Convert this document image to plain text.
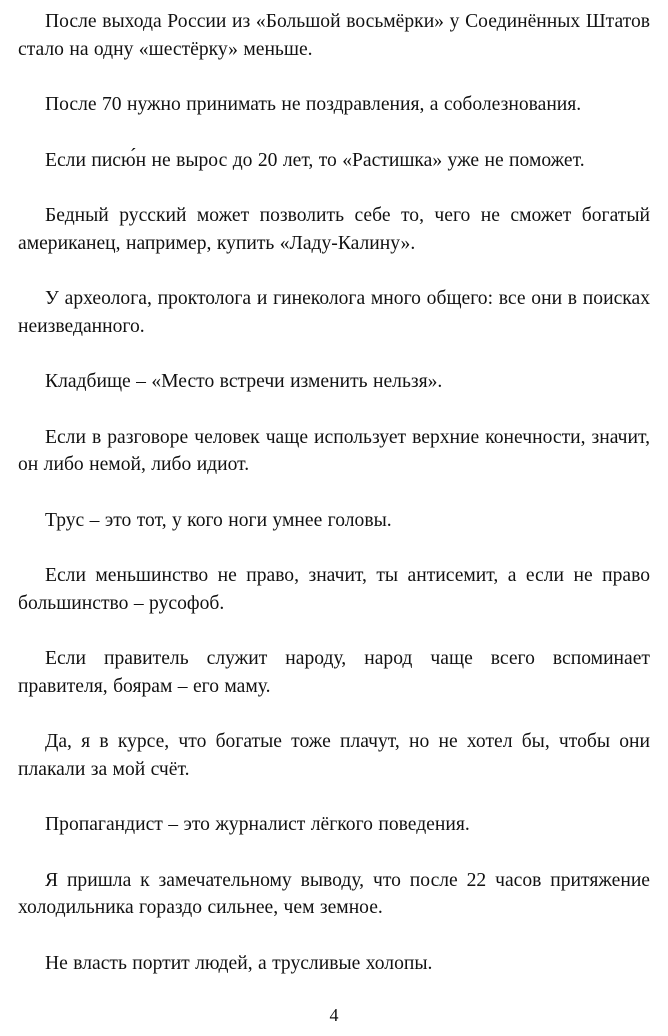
После выхода России из «Большой восьмёрки» у Соединённых Штатов стало на одну «шестёрку» меньше.

После 70 нужно принимать не поздравления, а соболезнования.

Если писю́н не вырос до 20 лет, то «Растишка» уже не поможет.

Бедный русский может позволить себе то, чего не сможет богатый американец, например, купить «Ладу-Калину».

У археолога, проктолога и гинеколога много общего: все они в поисках неизведанного.

Кладбище – «Место встречи изменить нельзя».

Если в разговоре человек чаще использует верхние конечности, значит, он либо немой, либо идиот.

Трус – это тот, у кого ноги умнее головы.

Если меньшинство не право, значит, ты антисемит, а если не право большинство – русофоб.

Если правитель служит народу, народ чаще всего вспоминает правителя, боярам – его маму.

Да, я в курсе, что богатые тоже плачут, но не хотел бы, чтобы они плакали за мой счёт.

Пропагандист – это журналист лёгкого поведения.

Я пришла к замечательному выводу, что после 22 часов притяжение холодильника гораздо сильнее, чем земное.

Не власть портит людей, а трусливые холопы.

4
